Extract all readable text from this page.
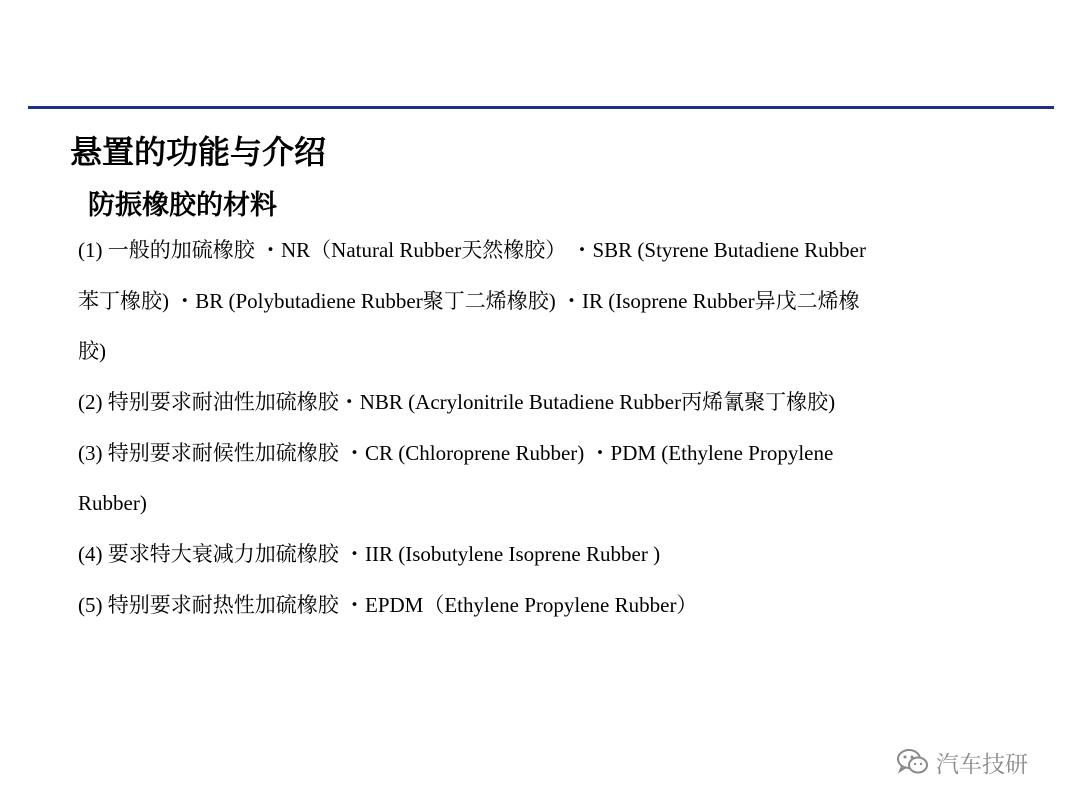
悬置的功能与介绍
防振橡胶的材料
(1) 一般的加硫橡胶 ・NR（Natural Rubber天然橡胶） ・SBR (Styrene Butadiene Rubber
苯丁橡胶) ・BR (Polybutadiene Rubber聚丁二烯橡胶) ・IR (Isoprene Rubber异戊二烯橡
胶)
(2) 特别要求耐油性加硫橡胶・NBR (Acrylonitrile Butadiene Rubber丙烯氰聚丁橡胶)
(3) 特别要求耐候性加硫橡胶 ・CR (Chloroprene Rubber) ・PDM (Ethylene Propylene
Rubber)
(4) 要求特大衰减力加硫橡胶 ・IIR (Isobutylene Isoprene Rubber )
(5) 特别要求耐热性加硫橡胶 ・EPDM（Ethylene Propylene Rubber）
汽车技研
